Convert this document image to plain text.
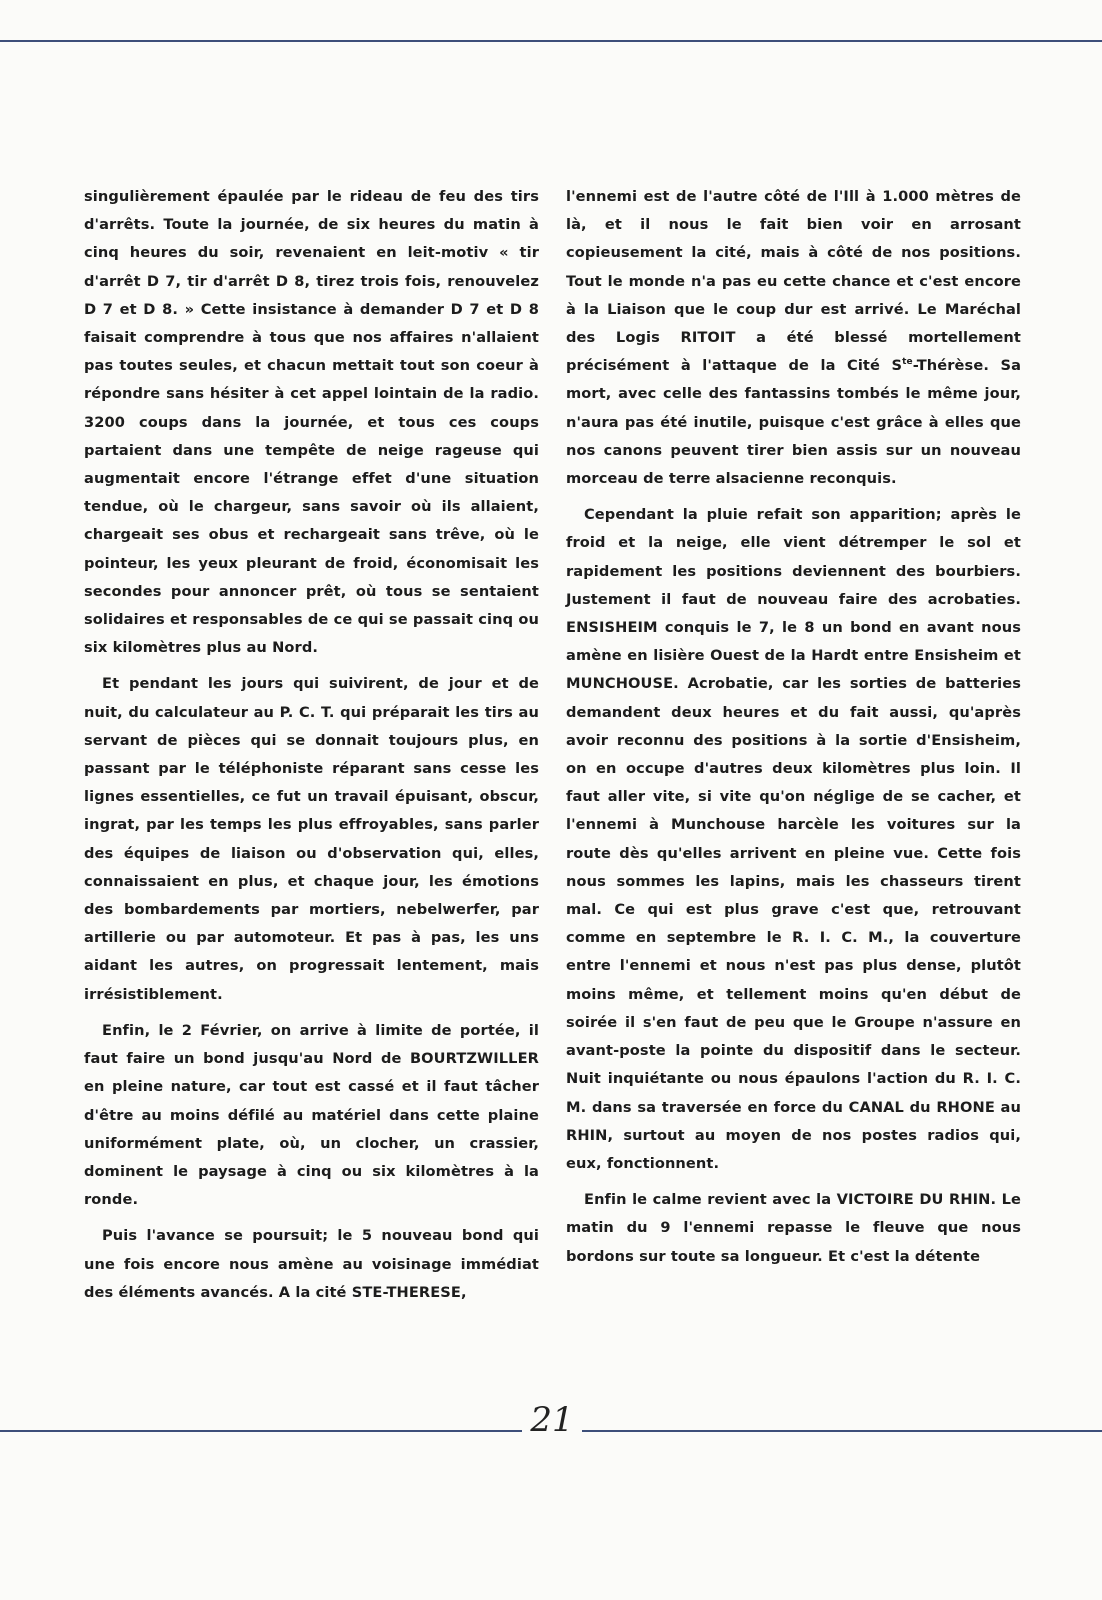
singulièrement épaulée par le rideau de feu des tirs d'arrêts. Toute la journée, de six heures du matin à cinq heures du soir, revenaient en leit-motiv « tir d'arrêt D 7, tir d'arrêt D 8, tirez trois fois, renouvelez D 7 et D 8. » Cette insistance à demander D 7 et D 8 faisait comprendre à tous que nos affaires n'allaient pas toutes seules, et chacun mettait tout son coeur à répondre sans hésiter à cet appel lointain de la radio. 3200 coups dans la journée, et tous ces coups partaient dans une tempête de neige rageuse qui augmentait encore l'étrange effet d'une situation tendue, où le chargeur, sans savoir où ils allaient, chargeait ses obus et rechargeait sans trêve, où le pointeur, les yeux pleurant de froid, économisait les secondes pour annoncer prêt, où tous se sentaient solidaires et responsables de ce qui se passait cinq ou six kilomètres plus au Nord.

Et pendant les jours qui suivirent, de jour et de nuit, du calculateur au P. C. T. qui préparait les tirs au servant de pièces qui se donnait toujours plus, en passant par le téléphoniste réparant sans cesse les lignes essentielles, ce fut un travail épuisant, obscur, ingrat, par les temps les plus effroyables, sans parler des équipes de liaison ou d'observation qui, elles, connaissaient en plus, et chaque jour, les émotions des bombardements par mortiers, nebelwerfer, par artillerie ou par automoteur. Et pas à pas, les uns aidant les autres, on progressait lentement, mais irrésistiblement.

Enfin, le 2 Février, on arrive à limite de portée, il faut faire un bond jusqu'au Nord de BOURTZWILLER en pleine nature, car tout est cassé et il faut tâcher d'être au moins défilé au matériel dans cette plaine uniformément plate, où, un clocher, un crassier, dominent le paysage à cinq ou six kilomètres à la ronde.

Puis l'avance se poursuit; le 5 nouveau bond qui une fois encore nous amène au voisinage immédiat des éléments avancés. A la cité STE-THERESE,

l'ennemi est de l'autre côté de l'Ill à 1.000 mètres de là, et il nous le fait bien voir en arrosant copieusement la cité, mais à côté de nos positions. Tout le monde n'a pas eu cette chance et c'est encore à la Liaison que le coup dur est arrivé. Le Maréchal des Logis RITOIT a été blessé mortellement précisément à l'attaque de la Cité $S^{te}$-Thérèse. Sa mort, avec celle des fantassins tombés le même jour, n'aura pas été inutile, puisque c'est grâce à elles que nos canons peuvent tirer bien assis sur un nouveau morceau de terre alsacienne reconquis.

Cependant la pluie refait son apparition; après le froid et la neige, elle vient détremper le sol et rapidement les positions deviennent des bourbiers. Justement il faut de nouveau faire des acrobaties. ENSISHEIM conquis le 7, le 8 un bond en avant nous amène en lisière Ouest de la Hardt entre Ensisheim et MUNCHOUSE. Acrobatie, car les sorties de batteries demandent deux heures et du fait aussi, qu'après avoir reconnu des positions à la sortie d'Ensisheim, on en occupe d'autres deux kilomètres plus loin. Il faut aller vite, si vite qu'on néglige de se cacher, et l'ennemi à Munchouse harcèle les voitures sur la route dès qu'elles arrivent en pleine vue. Cette fois nous sommes les lapins, mais les chasseurs tirent mal. Ce qui est plus grave c'est que, retrouvant comme en septembre le R. I. C. M., la couverture entre l'ennemi et nous n'est pas plus dense, plutôt moins même, et tellement moins qu'en début de soirée il s'en faut de peu que le Groupe n'assure en avant-poste la pointe du dispositif dans le secteur. Nuit inquiétante ou nous épaulons l'action du R. I. C. M. dans sa traversée en force du CANAL du RHONE au RHIN, surtout au moyen de nos postes radios qui, eux, fonctionnent.

Enfin le calme revient avec la VICTOIRE DU RHIN. Le matin du 9 l'ennemi repasse le fleuve que nous bordons sur toute sa longueur. Et c'est la détente

21
